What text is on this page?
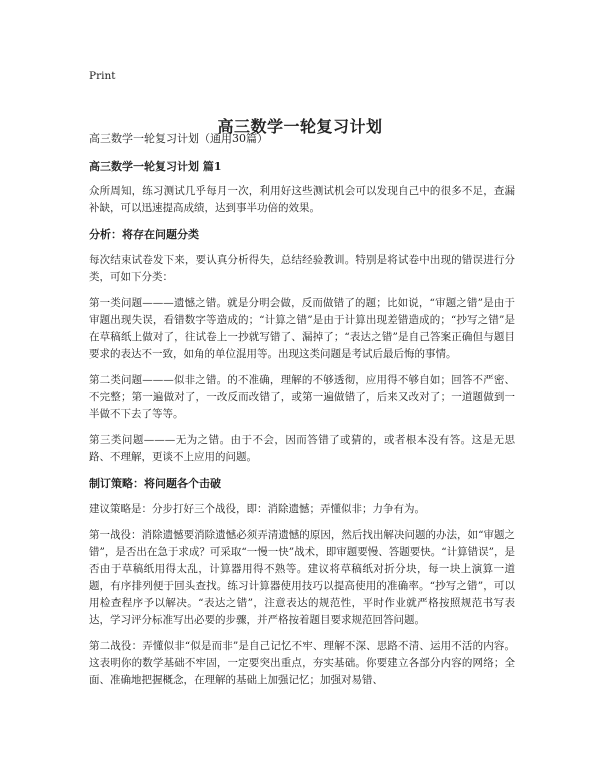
Print
高三数学一轮复习计划

高三数学一轮复习计划（通用30篇）

高三数学一轮复习计划 篇1

众所周知，练习测试几乎每月一次，利用好这些测试机会可以发现自己中的很多不足，查漏补缺，可以迅速提高成绩，达到事半功倍的效果。

分析：将存在问题分类

每次结束试卷发下来，要认真分析得失，总结经验教训。特别是将试卷中出现的错误进行分类，可如下分类：

第一类问题———遗憾之错。就是分明会做，反而做错了的题；比如说，“审题之错”是由于审题出现失误，看错数字等造成的；“计算之错”是由于计算出现差错造成的；“抄写之错”是在草稿纸上做对了，往试卷上一抄就写错了、漏掉了；“表达之错”是自己答案正确但与题目要求的表达不一致，如角的单位混用等。出现这类问题是考试后最后悔的事情。

第二类问题———似非之错。的不准确，理解的不够透彻，应用得不够自如；回答不严密、不完整；第一遍做对了，一改反而改错了，或第一遍做错了，后来又改对了；一道题做到一半做不下去了等等。

第三类问题———无为之错。由于不会，因而答错了或猜的，或者根本没有答。这是无思路、不理解，更谈不上应用的问题。

制订策略：将问题各个击破

建议策略是：分步打好三个战役，即：消除遗憾；弄懂似非；力争有为。

第一战役：消除遗憾要消除遗憾必须弄清遗憾的原因，然后找出解决问题的办法，如“审题之错”，是否出在急于求成？可采取“一慢一快”战术，即审题要慢、答题要快。“计算错误”，是否由于草稿纸用得太乱，计算器用得不熟等。建议将草稿纸对折分块，每一块上演算一道题，有序排列便于回头查找。练习计算器使用技巧以提高使用的准确率。“抄写之错”，可以用检查程序予以解决。“表达之错”，注意表达的规范性，平时作业就严格按照规范书写表达，学习评分标准写出必要的步骤，并严格按着题目要求规范回答问题。

第二战役：弄懂似非“似是而非”是自己记忆不牢、理解不深、思路不清、运用不活的内容。这表明你的数学基础不牢固，一定要突出重点，夯实基础。你要建立各部分内容的网络；全面、准确地把握概念，在理解的基础上加强记忆；加强对易错、
